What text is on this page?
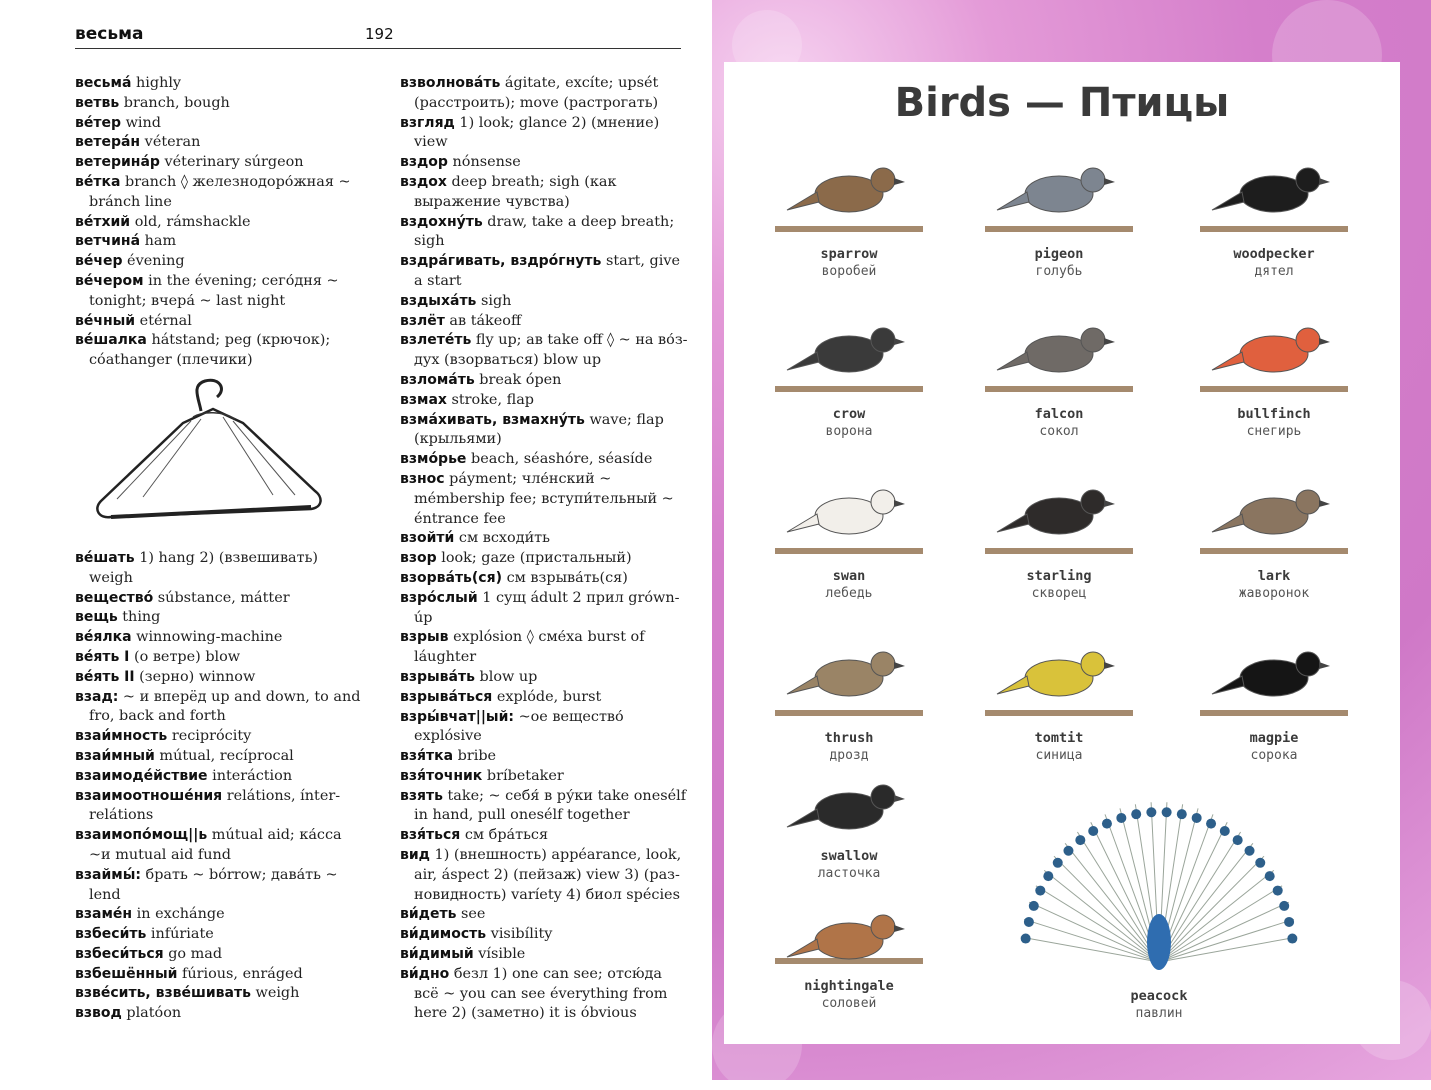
весьма	192
весьма́ highly
ветвь branch, bough
ве́тер wind
ветера́н véteran
ветерина́р véterinary súrgeon
ве́тка branch ◊ железнодоро́жная ~ bránch line
ве́тхий old, rámshackle
ветчина́ ham
ве́чер évening
ве́чером in the évening; сего́дня ~ tonight; вчера́ ~ last night
ве́чный etérnal
ве́шалка hátstand; peg (крючок); cóathanger (плечики)
ве́шать 1) hang 2) (взвешивать) weigh
вещество́ súbstance, mátter
вещь thing
ве́ялка winnowing-machine
ве́ять I (о ветре) blow
ве́ять II (зерно) winnow
взад: ~ и вперёд up and down, to and fro, back and forth
взаи́мность reciprócity
взаи́мный mútual, recíprocal
взаимоде́йствие interáction
взаимоотноше́ния relátions, ínter-relátions
взаимопо́мощ||ь mútual aid; ка́сса ~и mutual aid fund
взаймы́: брать ~ bórrow; дава́ть ~ lend
взаме́н in exchánge
взбеси́ть infúriate
взбеси́ться go mad
взбешённый fúrious, enráged
взве́сить, взве́шивать weigh
взвод platóon
взволнова́ть ágitate, excíte; upsét (расстроить); move (растрогать)
взгляд 1) look; glance 2) (мнение) view
вздор nónsense
вздох deep breath; sigh (как выражение чувства)
вздохну́ть draw, take a deep breath; sigh
вздра́гивать, вздро́гнуть start, give a start
вздыха́ть sigh
взлёт ав tákeoff
взлете́ть fly up; ав take off ◊ ~ на во́з-дух (взорваться) blow up
взлома́ть break ópen
взмах stroke, flap
взма́хивать, взмахну́ть wave; flap (крыльями)
взмо́рье beach, séashóre, séasíde
взнос páyment; чле́нский ~ mémbership fee; вступи́тельный ~ éntrance fee
взойти́ см всходи́ть
взор look; gaze (пристальный)
взорва́ть(ся) см взрыва́ть(ся)
взро́слый 1 сущ ádult 2 прил grówn-úp
взрыв explósion ◊ сме́ха burst of láughter
взрыва́ть blow up
взрыва́ться explóde, burst
взры́вчат||ый: ~ое вещество́ explósive
взя́тка bribe
взя́точник bríbetaker
взять take; ~ себя́ в ру́ки take onesélf in hand, pull onesélf together
взя́ться см бра́ться
вид 1) (внешность) appéarance, look, air, áspect 2) (пейзаж) view 3) (раз-новидность) varíety 4) биол spécies
ви́деть see
ви́димость visibílity
ви́димый vísible
ви́дно безл 1) one can see; отсю́да всё ~ you can see éverything from here 2) (заметно) it is óbvious
Birds — Птицы
sparrow
воробей
pigeon
голубь
woodpecker
дятел
crow
ворона
falcon
сокол
bullfinch
снегирь
swan
лебедь
starling
скворец
lark
жаворонок
thrush
дрозд
tomtit
синица
magpie
сорока
swallow
ласточка
nightingale
соловей	peacock
павлин
